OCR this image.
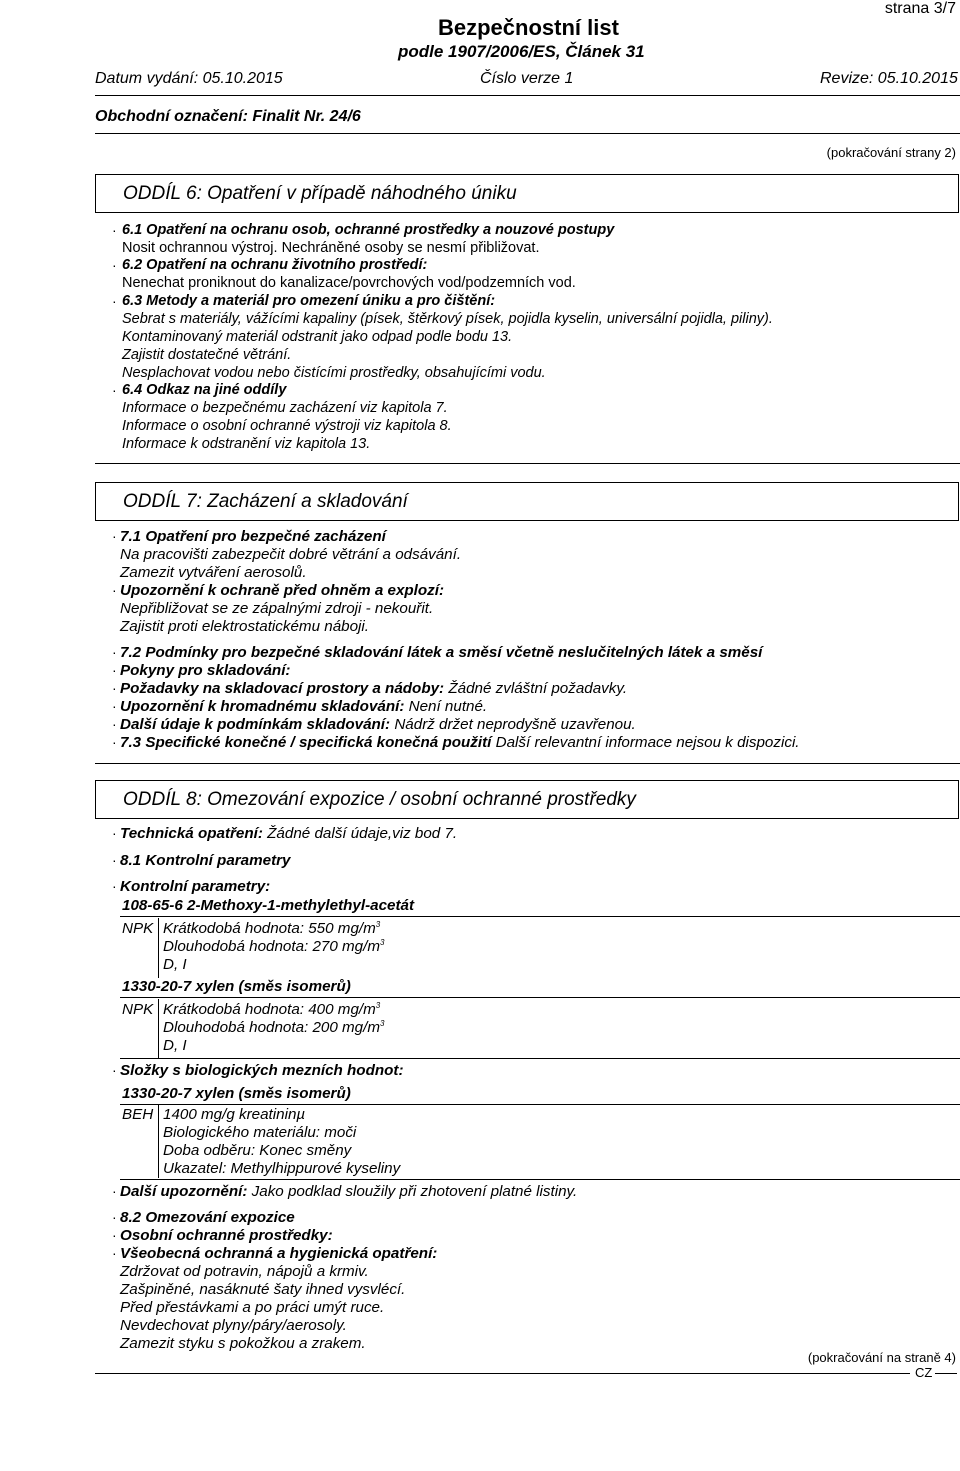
strana 3/7
Bezpečnostní list
podle 1907/2006/ES, Článek 31
Datum vydání: 05.10.2015	Číslo verze 1	Revize: 05.10.2015
Obchodní označení: Finalit Nr. 24/6
(pokračování strany 2)
ODDÍL 6: Opatření v případě náhodného úniku
· 6.1 Opatření na ochranu osob, ochranné prostředky a nouzové postupy
Nosit ochrannou výstroj. Nechráněné osoby se nesmí přibližovat.
· 6.2 Opatření na ochranu životního prostředí:
Nenechat proniknout do kanalizace/povrchových vod/podzemních vod.
· 6.3 Metody a materiál pro omezení úniku a pro čištění:
Sebrat s materiály, vážícími kapaliny (písek, štěrkový písek, pojidla kyselin, universální pojidla, piliny).
Kontaminovaný materiál odstranit jako odpad podle bodu 13.
Zajistit dostatečné větrání.
Nesplachovat vodou nebo čistícími prostředky, obsahujícími vodu.
· 6.4 Odkaz na jiné oddíly
Informace o bezpečnému zacházení viz kapitola 7.
Informace o osobní ochranné výstroji viz kapitola 8.
Informace k odstranění viz kapitola 13.
ODDÍL 7: Zacházení a skladování
· 7.1 Opatření pro bezpečné zacházení
Na pracovišti zabezpečit dobré větrání a odsávání.
Zamezit vytváření aerosolů.
· Upozornění k ochraně před ohněm a explozí:
Nepřibližovat se ze zápalnými zdroji - nekouřit.
Zajistit proti elektrostatickému náboji.
· 7.2 Podmínky pro bezpečné skladování látek a směsí včetně neslučitelných látek a směsí
· Pokyny pro skladování:
· Požadavky na skladovací prostory a nádoby: Žádné zvláštní požadavky.
· Upozornění k hromadnému skladování: Není nutné.
· Další údaje k podmínkám skladování: Nádrž držet neprodyšně uzavřenou.
· 7.3 Specifické konečné / specifická konečná použití Další relevantní informace nejsou k dispozici.
ODDÍL 8: Omezování expozice / osobní ochranné prostředky
· Technická opatření: Žádné další údaje,viz bod 7.
· 8.1 Kontrolní parametry
· Kontrolní parametry:
108-65-6 2-Methoxy-1-methylethyl-acetát
NPK Krátkodobá hodnota: 550 $mg/m^3$
Dlouhodobá hodnota: 270 $mg/m^3$
D, I
1330-20-7 xylen (směs isomerů)
NPK Krátkodobá hodnota: 400 $mg/m^3$
Dlouhodobá hodnota: 200 $mg/m^3$
D, I
· Složky s biologických mezních hodnot:
1330-20-7 xylen (směs isomerů)
BEH 1400 mg/g kreatininµ
Biologického materiálu: moči
Doba odběru: Konec směny
Ukazatel: Methylhippurové kyseliny
· Další upozornění: Jako podklad sloužily při zhotovení platné listiny.
· 8.2 Omezování expozice
· Osobní ochranné prostředky:
· Všeobecná ochranná a hygienická opatření:
Zdržovat od potravin, nápojů a krmiv.
Zašpiněné, nasáknuté šaty ihned vysvlécí.
Před přestávkami a po práci umýt ruce.
Nevdechovat plyny/páry/aerosoly.
Zamezit styku s pokožkou a zrakem.
(pokračování na straně 4)
CZ
